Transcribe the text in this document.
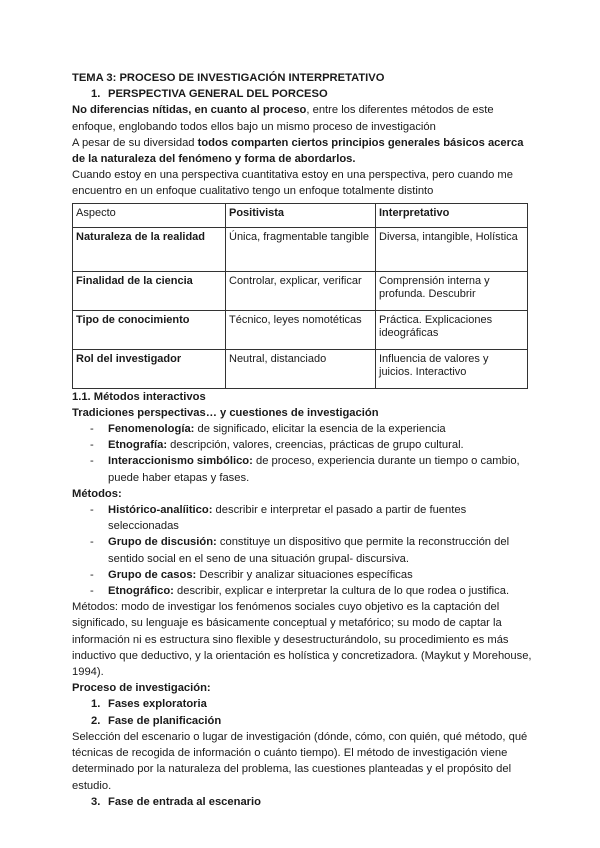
TEMA 3: PROCESO DE INVESTIGACIÓN INTERPRETATIVO
1. PERSPECTIVA GENERAL DEL PORCESO
No diferencias nítidas, en cuanto al proceso, entre los diferentes métodos de este enfoque, englobando todos ellos bajo un mismo proceso de investigación
A pesar de su diversidad todos comparten ciertos principios generales básicos acerca de la naturaleza del fenómeno y forma de abordarlos.
Cuando estoy en una perspectiva cuantitativa estoy en una perspectiva, pero cuando me encuentro en un enfoque cualitativo tengo un enfoque totalmente distinto
Aspecto	Positivista	Interpretativo
Naturaleza de la realidad	Única, fragmentable tangible	Diversa, intangible, Holística
Finalidad de la ciencia	Controlar, explicar, verificar	Comprensión interna y profunda. Descubrir
Tipo de conocimiento	Técnico, leyes nomotéticas	Práctica. Explicaciones ideográficas
Rol del investigador	Neutral, distanciado	Influencia de valores y juicios. Interactivo
1.1. Métodos interactivos
Tradiciones perspectivas… y cuestiones de investigación
- Fenomenología: de significado, elicitar la esencia de la experiencia
- Etnografía: descripción, valores, creencias, prácticas de grupo cultural.
- Interaccionismo simbólico: de proceso, experiencia durante un tiempo o cambio, puede haber etapas y fases.
Métodos:
- Histórico-analíitico: describir e interpretar el pasado a partir de fuentes seleccionadas
- Grupo de discusión: constituye un dispositivo que permite la reconstrucción del sentido social en el seno de una situación grupal- discursiva.
- Grupo de casos: Describir y analizar situaciones específicas
- Etnográfico: describir, explicar e interpretar la cultura de lo que rodea o justifica.
Métodos: modo de investigar los fenómenos sociales cuyo objetivo es la captación del significado, su lenguaje es básicamente conceptual y metafórico; su modo de captar la información ni es estructura sino flexible y desestructurándolo, su procedimiento es más inductivo que deductivo, y la orientación es holística y concretizadora. (Maykut y Morehouse, 1994).
Proceso de investigación:
1. Fases exploratoria
2. Fase de planificación
Selección del escenario o lugar de investigación (dónde, cómo, con quién, qué método, qué técnicas de recogida de información o cuánto tiempo). El método de investigación viene determinado por la naturaleza del problema, las cuestiones planteadas y el propósito del estudio.
3. Fase de entrada al escenario
